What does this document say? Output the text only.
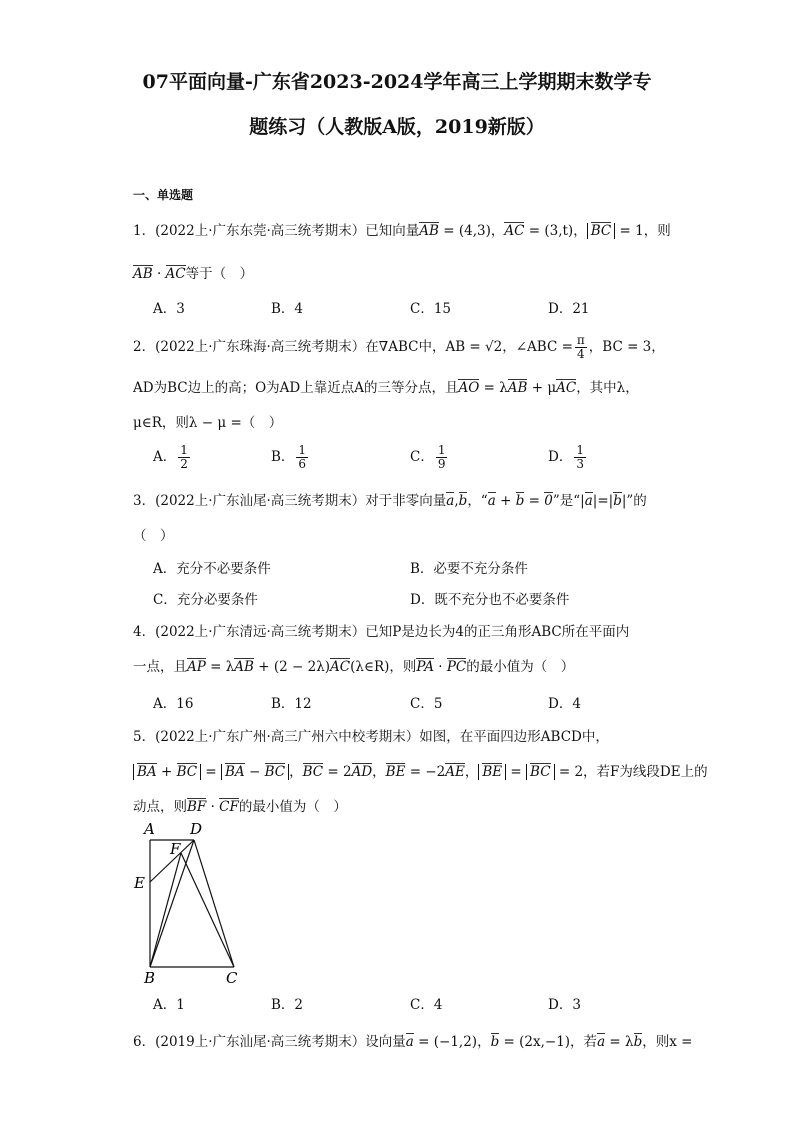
07平面向量-广东省2023-2024学年高三上学期期末数学专
题练习（人教版A版，2019新版）
一、单选题
1．(2022上·广东东莞·高三统考期末）已知向量AB = (4,3)，AC = (3,t)， BC = 1，则
AB · AC等于（　）
A．3	B．4	C．15	D．21
2．(2022上·广东珠海·高三统考期末）在∇ABC中，AB = √2，∠ABC = $\frac{\pi}{4}$ ，BC = 3，
AD为BC边上的高；O为AD上靠近点A的三等分点，且AO = λAB + μAC，其中λ，
μ∈R，则λ − μ =（　）
A． $\frac{1}{2}$	B． $\frac{1}{6}$	C． $\frac{1}{9}$	D． $\frac{1}{3}$
3．(2022上·广东汕尾·高三统考期末）对于非零向量a,b，“a + b = 0”是“|a|=|b|”的
（　）
A．充分不必要条件	B．必要不充分条件
C．充分必要条件	D．既不充分也不必要条件
4．(2022上·广东清远·高三统考期末）已知P是边长为4的正三角形ABC所在平面内
一点，且AP = λAB + (2 − 2λ)AC(λ∈R)，则PA · PC的最小值为（　）
A．16	B．12	C．5	D．4
5．(2022上·广东广州·高三广州六中校考期末）如图，在平面四边形ABCD中，
BA + BC = BA − BC ，BC = 2AD，BE = −2AE， BE = BC = 2，若F为线段DE上的
动点，则BF · CF的最小值为（　）
A D
F
E
B	C
A．1	B．2	C．4	D．3
6．(2019上·广东汕尾·高三统考期末）设向量a = (−1,2)，b = (2x,−1)，若a = λb，则x =
